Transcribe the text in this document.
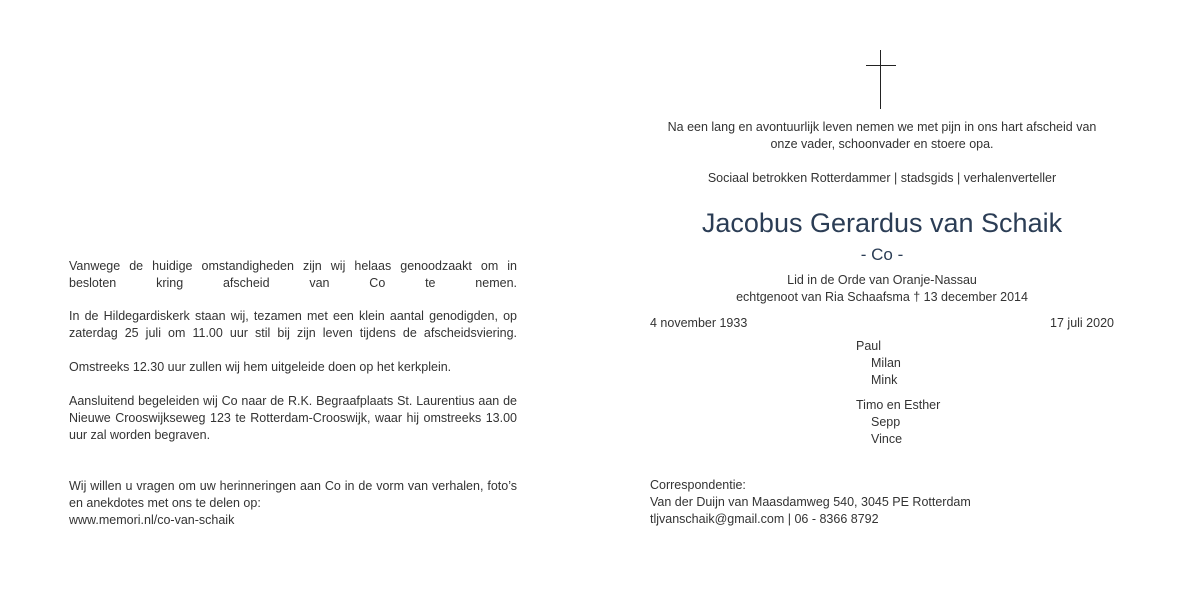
Vanwege de huidige omstandigheden zijn wij helaas genoodzaakt om in besloten kring afscheid van Co te nemen.

In de Hildegardiskerk staan wij, tezamen met een klein aantal genodigden, op zaterdag 25 juli om 11.00 uur stil bij zijn leven tijdens de afscheidsviering.

Omstreeks 12.30 uur zullen wij hem uitgeleide doen op het kerkplein.

Aansluitend begeleiden wij Co naar de R.K. Begraafplaats St. Laurentius aan de Nieuwe Crooswijkseweg 123 te Rotterdam-Crooswijk, waar hij omstreeks 13.00 uur zal worden begraven.

Wij willen u vragen om uw herinneringen aan Co in de vorm van verhalen, foto’s en anekdotes met ons te delen op:

www.memori.nl/co-van-schaik
Na een lang en avontuurlijk leven nemen we met pijn in ons hart afscheid van
onze vader, schoonvader en stoere opa.
Sociaal betrokken Rotterdammer | stadsgids | verhalenverteller
Jacobus Gerardus van Schaik
- Co -
Lid in de Orde van Oranje-Nassau
echtgenoot van Ria Schaafsma † 13 december 2014
4 november 1933	17 juli 2020
Paul
Milan
Mink
Timo en Esther
Sepp
Vince
Correspondentie:
Van der Duijn van Maasdamweg 540, 3045 PE Rotterdam
tljvanschaik@gmail.com | 06 - 8366 8792
